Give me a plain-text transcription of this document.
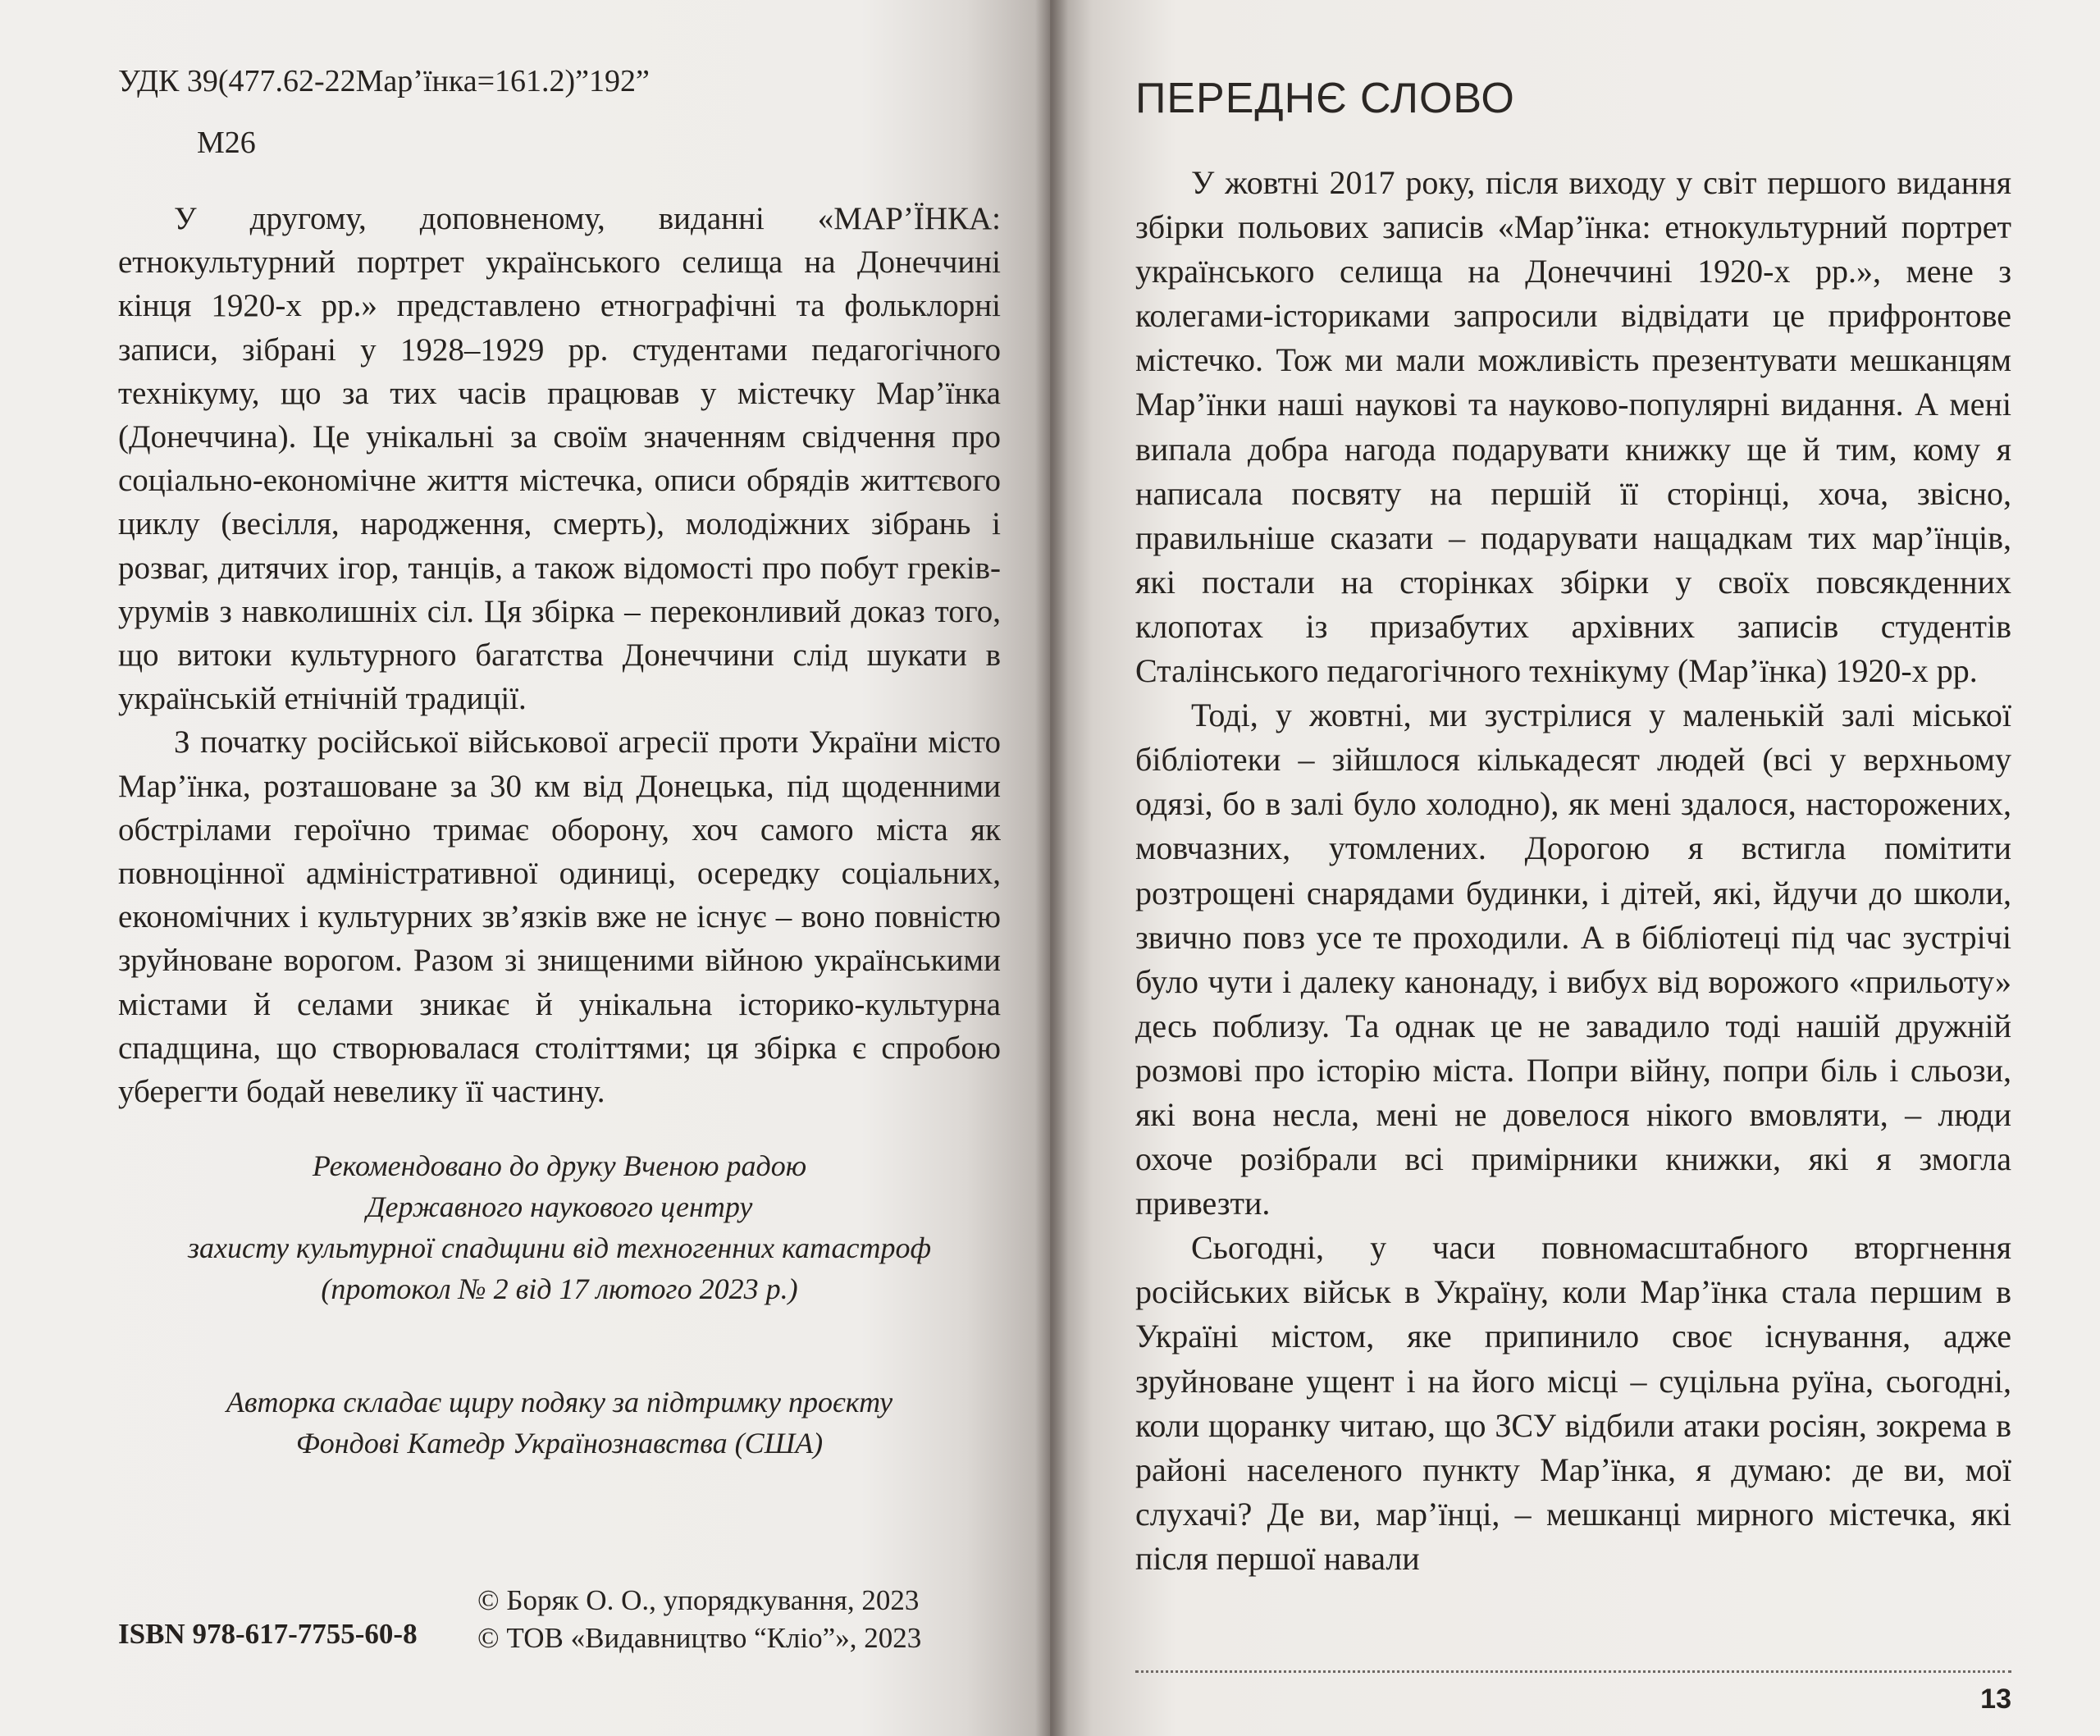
УДК 39(477.62-22Мар’їнка=161.2)”192”
М26

У другому, доповненому, виданні «МАР’ЇНКА: етнокультурний портрет українського селища на Донеччині кінця 1920-х рр.» представлено етнографічні та фольклорні записи, зібрані у 1928–1929 рр. студентами педагогічного технікуму, що за тих часів працював у містечку Мар’їнка (Донеччина). Це унікальні за своїм значенням свідчення про соціально-економічне життя містечка, описи обрядів життєвого циклу (весілля, народження, смерть), молодіжних зібрань і розваг, дитячих ігор, танців, а також відомості про побут греків-урумів з навколишніх сіл. Ця збірка – переконливий доказ того, що витоки культурного багатства Донеччини слід шукати в українській етнічній традиції.

З початку російської військової агресії проти України місто Мар’їнка, розташоване за 30 км від Донецька, під щоденними обстрілами героїчно тримає оборону, хоч самого міста як повноцінної адміністративної одиниці, осередку соціальних, економічних і культурних зв’язків вже не існує – воно повністю зруйноване ворогом. Разом зі знищеними війною українськими містами й селами зникає й унікальна історико-культурна спадщина, що створювалася століттями; ця збірка є спробою уберегти бодай невелику її частину.

Рекомендовано до друку Вченою радою

Державного наукового центру

захисту культурної спадщини від техногенних катастроф

(протокол № 2 від 17 лютого 2023 р.)

Авторка складає щиру подяку за підтримку проєкту

Фондові Катедр Українознавства (США)

ISBN 978-617-7755-60-8

© Боряк О. О., упорядкування, 2023

© ТОВ «Видавництво “Кліо”», 2023

ПЕРЕДНЄ СЛОВО

У жовтні 2017 року, після виходу у світ першого видання збірки польових записів «Мар’їнка: етнокультурний портрет українського селища на Донеччині 1920-х рр.», мене з колегами-істориками запросили відвідати це прифронтове містечко. Тож ми мали можливість презентувати мешканцям Мар’їнки наші наукові та науково-популярні видання. А мені випала добра нагода подарувати книжку ще й тим, кому я написала посвяту на першій її сторінці, хоча, звісно, правильніше сказати – подарувати нащадкам тих мар’їнців, які постали на сторінках збірки у своїх повсякденних клопотах із призабутих архівних записів студентів Сталінського педагогічного технікуму (Мар’їнка) 1920-х рр.

Тоді, у жовтні, ми зустрілися у маленькій залі міської бібліотеки – зійшлося кількадесят людей (всі у верхньому одязі, бо в залі було холодно), як мені здалося, насторожених, мовчазних, утомлених. Дорогою я встигла помітити розтрощені снарядами будинки, і дітей, які, йдучи до школи, звично повз усе те проходили. А в бібліотеці під час зустрічі було чути і далеку канонаду, і вибух від ворожого «прильоту» десь поблизу. Та однак це не завадило тоді нашій дружній розмові про історію міста. Попри війну, попри біль і сльози, які вона несла, мені не довелося нікого вмовляти, – люди охоче розібрали всі примірники книжки, які я змогла привезти.

Сьогодні, у часи повномасштабного вторгнення російських військ в Україну, коли Мар’їнка стала першим в Україні містом, яке припинило своє існування, адже зруйноване ущент і на його місці – суцільна руїна, сьогодні, коли щоранку читаю, що ЗСУ відбили атаки росіян, зокрема в районі населеного пункту Мар’їнка, я думаю: де ви, мої слухачі? Де ви, мар’їнці, – мешканці мирного містечка, які після першої навали

13
